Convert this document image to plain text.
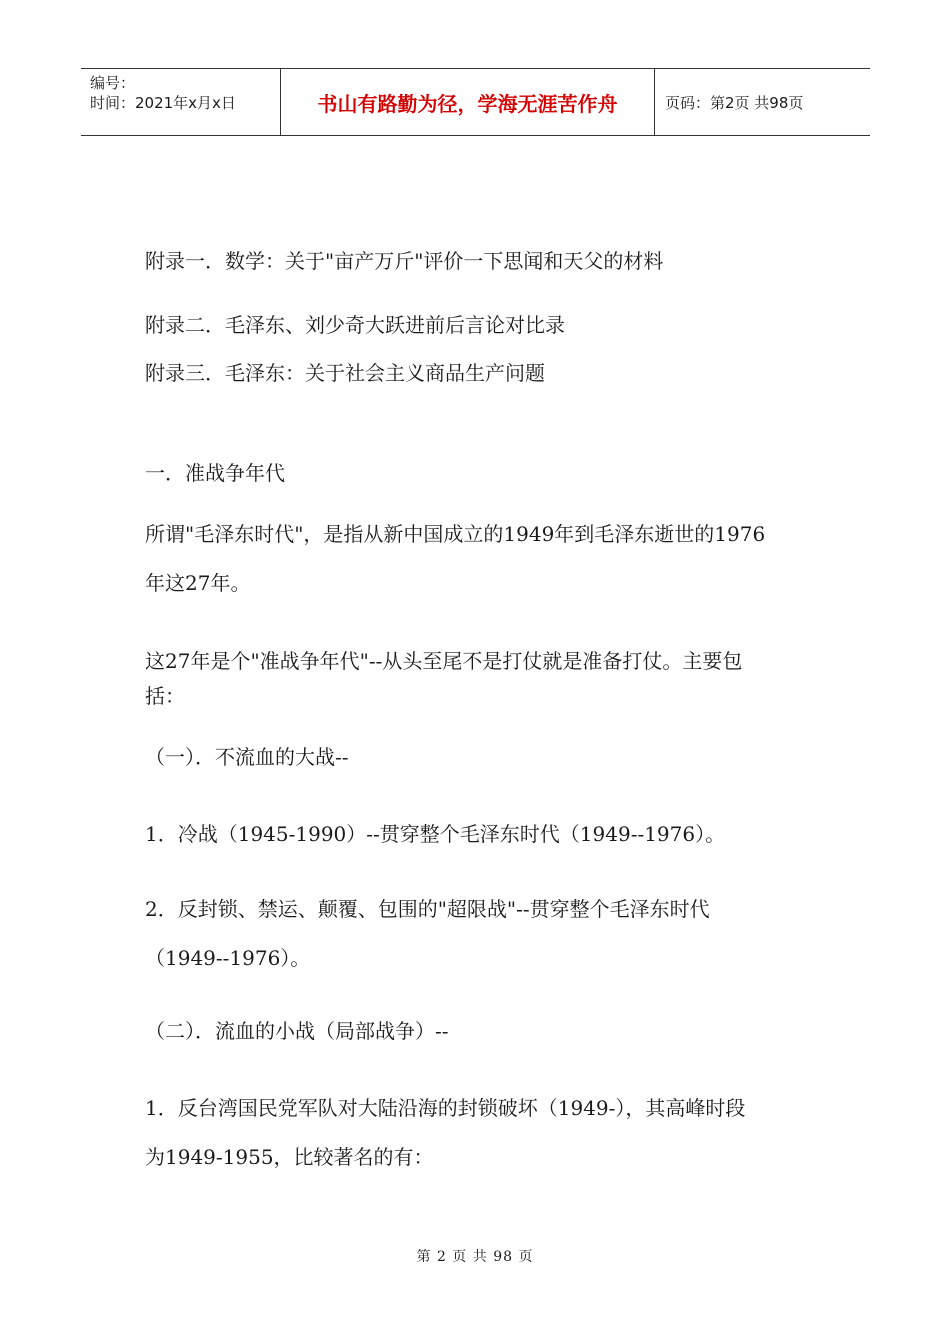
编号：
时间：2021年x月x日	书山有路勤为径，学海无涯苦作舟	页码：第2页 共98页

附录一．数学：关于"亩产万斤"评价一下思闻和天父的材料

附录二．毛泽东、刘少奇大跃进前后言论对比录

附录三．毛泽东：关于社会主义商品生产问题

一．准战争年代

所谓"毛泽东时代"，是指从新中国成立的1949年到毛泽东逝世的1976

年这27年。

这27年是个"准战争年代"--从头至尾不是打仗就是准备打仗。主要包

括：

（一）．不流血的大战--

1．冷战（1945-1990）--贯穿整个毛泽东时代（1949--1976）。

2．反封锁、禁运、颠覆、包围的"超限战"--贯穿整个毛泽东时代

（1949--1976）。

（二）．流血的小战（局部战争）--

1．反台湾国民党军队对大陆沿海的封锁破坏（1949-），其高峰时段

为1949-1955，比较著名的有：

第 2 页 共 98 页
